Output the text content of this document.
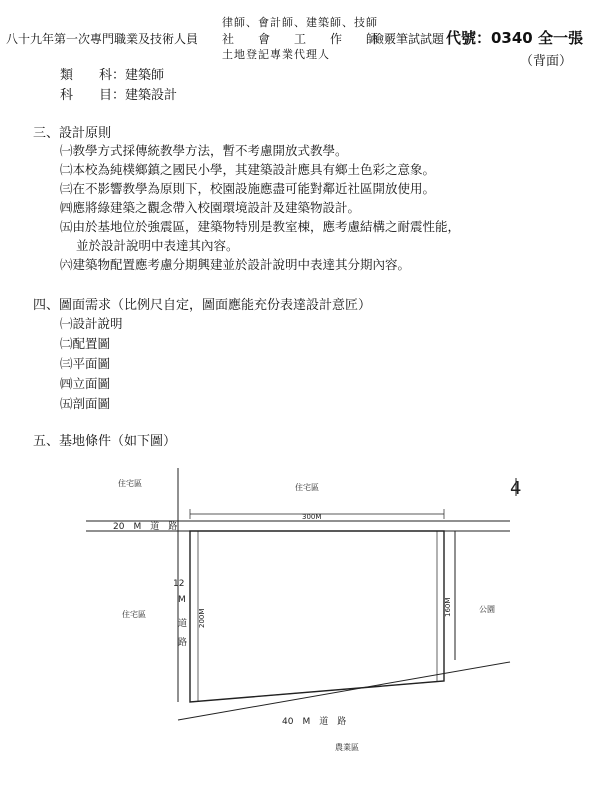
八十九年第一次專門職業及技術人員
律師、會計師、建築師、技師
社　　會　　工　　作　　師
土地登記專業代理人
檢覈筆試試題 代號：0340 全一張
（背面）
類　　科：建築師
科　　目：建築設計
三、設計原則
㈠教學方式採傳統教學方法，暫不考慮開放式教學。
㈡本校為純樸鄉鎮之國民小學，其建築設計應具有鄉土色彩之意象。
㈢在不影響教學為原則下，校園設施應盡可能對鄰近社區開放使用。
㈣應將綠建築之觀念帶入校園環境設計及建築物設計。
㈤由於基地位於強震區，建築物特別是教室棟，應考慮結構之耐震性能，
並於設計說明中表達其內容。
㈥建築物配置應考慮分期興建並於設計說明中表達其分期內容。
四、圖面需求（比例尺自定，圖面應能充份表達設計意匠）
㈠設計說明
㈡配置圖
㈢平面圖
㈣立面圖
㈤剖面圖
五、基地條件（如下圖）
住宅區	住宅區
20　M　道　路
300M
住宅區
12
M
道
路
200M
160M	公園
40　M　道　路
農業區
4
